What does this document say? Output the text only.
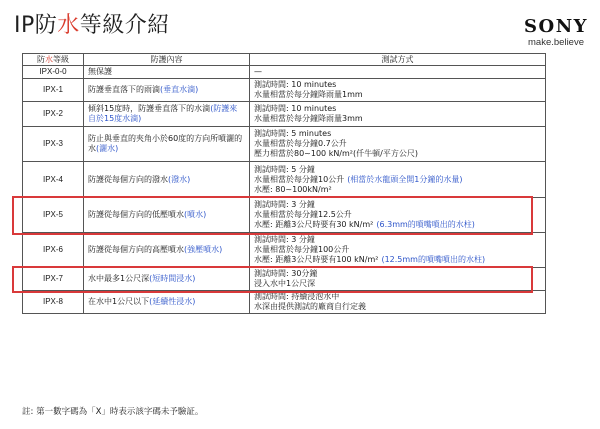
IP防水等級介紹	SONY
make.believe
防水等級	防護內容	測試方式
IPX-0-0	無保護	—

IPX-1	防護垂直落下的雨滴(垂直水滴)	測試時間: 10 minutes
水量相當於每分鐘降雨量1mm

IPX-2	傾斜15度時，防護垂直落下的水滴(防護來自於15度水滴)	測試時間: 10 minutes
水量相當於每分鐘降雨量3mm

IPX-3	防止與垂直的夾角小於60度的方向所噴灑的水(灑水)	測試時間: 5 minutes
水量相當於每分鐘0.7公升
壓力相當於80~100 kN/m²(仟牛頓/平方公尺)

IPX-4	防護從每個方向的潑水(潑水)	測試時間: 5 分鐘
水量相當於每分鐘10公升 (相當於水龍頭全開1分鐘的水量)
水壓: 80~100kN/m²

IPX-5	防護從每個方向的低壓噴水(噴水)	測試時間: 3 分鐘
水量相當於每分鐘12.5公升
水壓: 距離3公尺時要有30 kN/m² (6.3mm的噴嘴噴出的水柱)

IPX-6	防護從每個方向的高壓噴水(強壓噴水)	測試時間: 3 分鐘
水量相當於每分鐘100公升
水壓: 距離3公尺時要有100 kN/m² (12.5mm的噴嘴噴出的水柱)

IPX-7	水中最多1公尺深(短時間浸水)	測試時間: 30分鐘
浸入水中1公尺深

IPX-8	在水中1公尺以下(延續性浸水)	測試時間: 持續浸泡水中
水深由提供測試的廠商自行定義
註: 第一數字碼為「X」時表示該字碼未予驗証。
